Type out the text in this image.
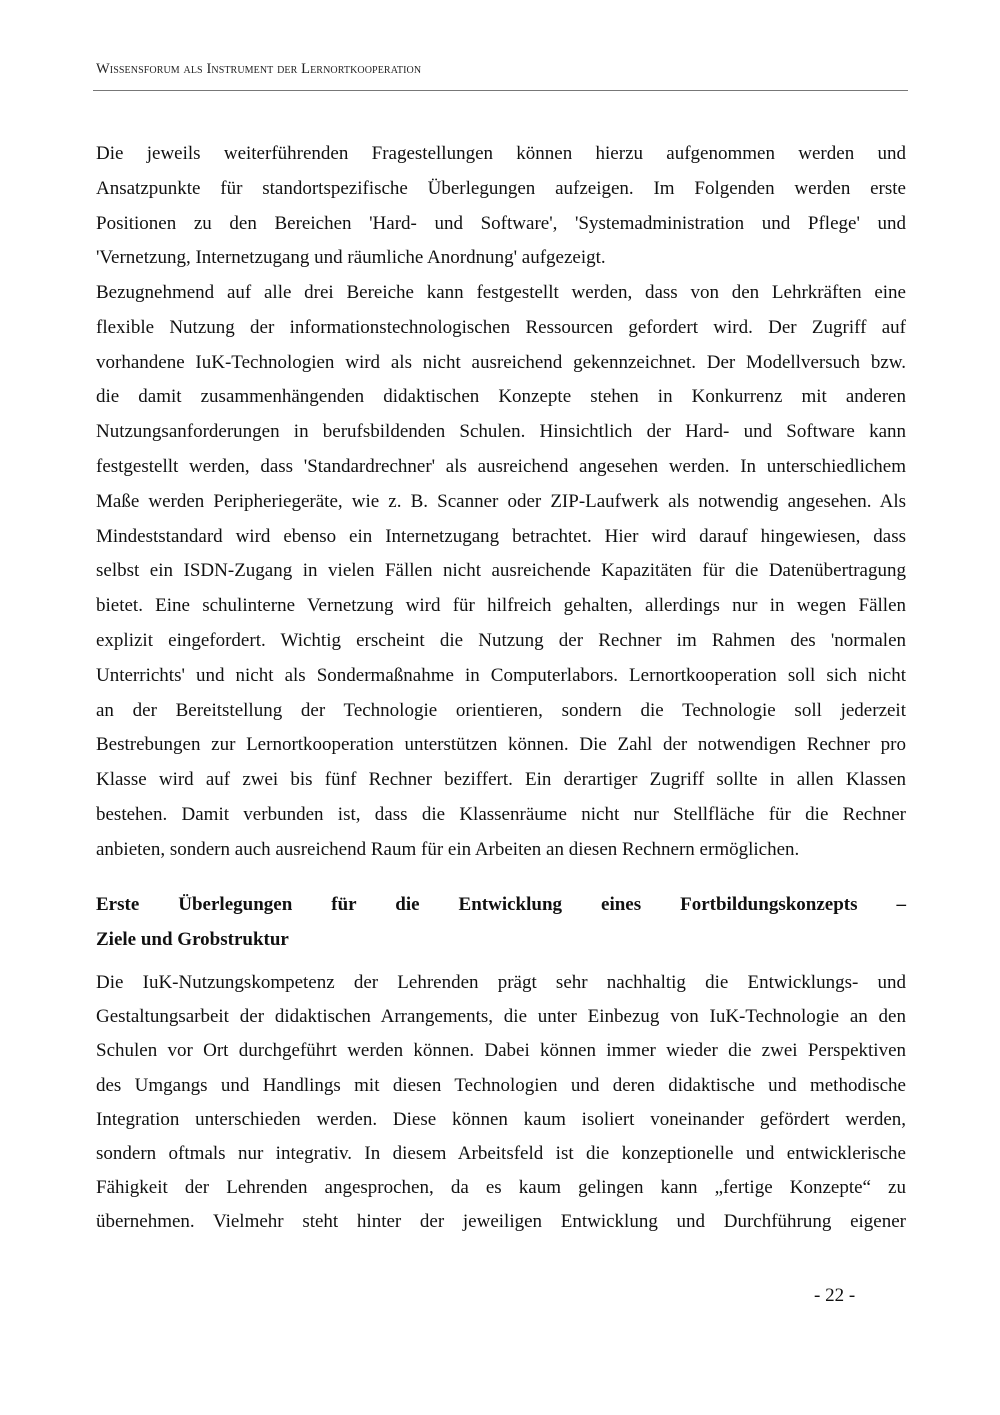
Wissensforum als Instrument der Lernortkooperation
Die jeweils weiterführenden Fragestellungen können hierzu aufgenommen werden und
Ansatzpunkte für standortspezifische Überlegungen aufzeigen. Im Folgenden werden erste
Positionen zu den Bereichen 'Hard- und Software', 'Systemadministration und Pflege' und
'Vernetzung, Internetzugang und räumliche Anordnung' aufgezeigt.
Bezugnehmend auf alle drei Bereiche kann festgestellt werden, dass von den Lehrkräften eine
flexible Nutzung der informationstechnologischen Ressourcen gefordert wird. Der Zugriff auf
vorhandene IuK-Technologien wird als nicht ausreichend gekennzeichnet. Der Modellversuch bzw.
die damit zusammenhängenden didaktischen Konzepte stehen in Konkurrenz mit anderen
Nutzungsanforderungen in berufsbildenden Schulen. Hinsichtlich der Hard- und Software kann
festgestellt werden, dass 'Standardrechner' als ausreichend angesehen werden. In unterschiedlichem
Maße werden Peripheriegeräte, wie z. B. Scanner oder ZIP-Laufwerk als notwendig angesehen. Als
Mindeststandard wird ebenso ein Internetzugang betrachtet. Hier wird darauf hingewiesen, dass
selbst ein ISDN-Zugang in vielen Fällen nicht ausreichende Kapazitäten für die Datenübertragung
bietet. Eine schulinterne Vernetzung wird für hilfreich gehalten, allerdings nur in wegen Fällen
explizit eingefordert. Wichtig erscheint die Nutzung der Rechner im Rahmen des 'normalen
Unterrichts' und nicht als Sondermaßnahme in Computerlabors. Lernortkooperation soll sich nicht
an der Bereitstellung der Technologie orientieren, sondern die Technologie soll jederzeit
Bestrebungen zur Lernortkooperation unterstützen können. Die Zahl der notwendigen Rechner pro
Klasse wird auf zwei bis fünf Rechner beziffert. Ein derartiger Zugriff sollte in allen Klassen
bestehen. Damit verbunden ist, dass die Klassenräume nicht nur Stellfläche für die Rechner
anbieten, sondern auch ausreichend Raum für ein Arbeiten an diesen Rechnern ermöglichen.
Erste Überlegungen für die Entwicklung eines Fortbildungskonzepts –
Ziele und Grobstruktur
Die IuK-Nutzungskompetenz der Lehrenden prägt sehr nachhaltig die Entwicklungs- und
Gestaltungsarbeit der didaktischen Arrangements, die unter Einbezug von IuK-Technologie an den
Schulen vor Ort durchgeführt werden können. Dabei können immer wieder die zwei Perspektiven
des Umgangs und Handlings mit diesen Technologien und deren didaktische und methodische
Integration unterschieden werden. Diese können kaum isoliert voneinander gefördert werden,
sondern oftmals nur integrativ. In diesem Arbeitsfeld ist die konzeptionelle und entwicklerische
Fähigkeit der Lehrenden angesprochen, da es kaum gelingen kann „fertige Konzepte“ zu
übernehmen. Vielmehr steht hinter der jeweiligen Entwicklung und Durchführung eigener
- 22 -
